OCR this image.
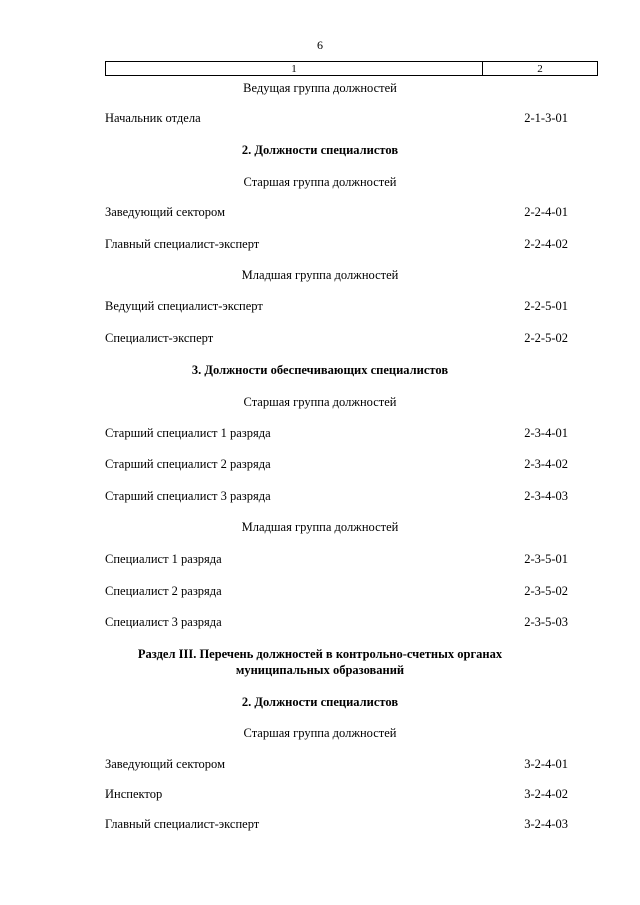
6
1	2
Ведущая группа должностей
Начальник отдела	2-1-3-01
2. Должности специалистов
Старшая группа должностей
Заведующий сектором	2-2-4-01
Главный специалист-эксперт	2-2-4-02
Младшая группа должностей
Ведущий специалист-эксперт	2-2-5-01
Специалист-эксперт	2-2-5-02
3. Должности обеспечивающих специалистов
Старшая группа должностей
Старший специалист 1 разряда	2-3-4-01
Старший специалист 2 разряда	2-3-4-02
Старший специалист 3 разряда	2-3-4-03
Младшая группа должностей
Специалист 1 разряда	2-3-5-01
Специалист 2 разряда	2-3-5-02
Специалист 3 разряда	2-3-5-03
Раздел III. Перечень должностей в контрольно-счетных органах
муниципальных образований
2. Должности специалистов
Старшая группа должностей
Заведующий сектором	3-2-4-01
Инспектор	3-2-4-02
Главный специалист-эксперт	3-2-4-03
